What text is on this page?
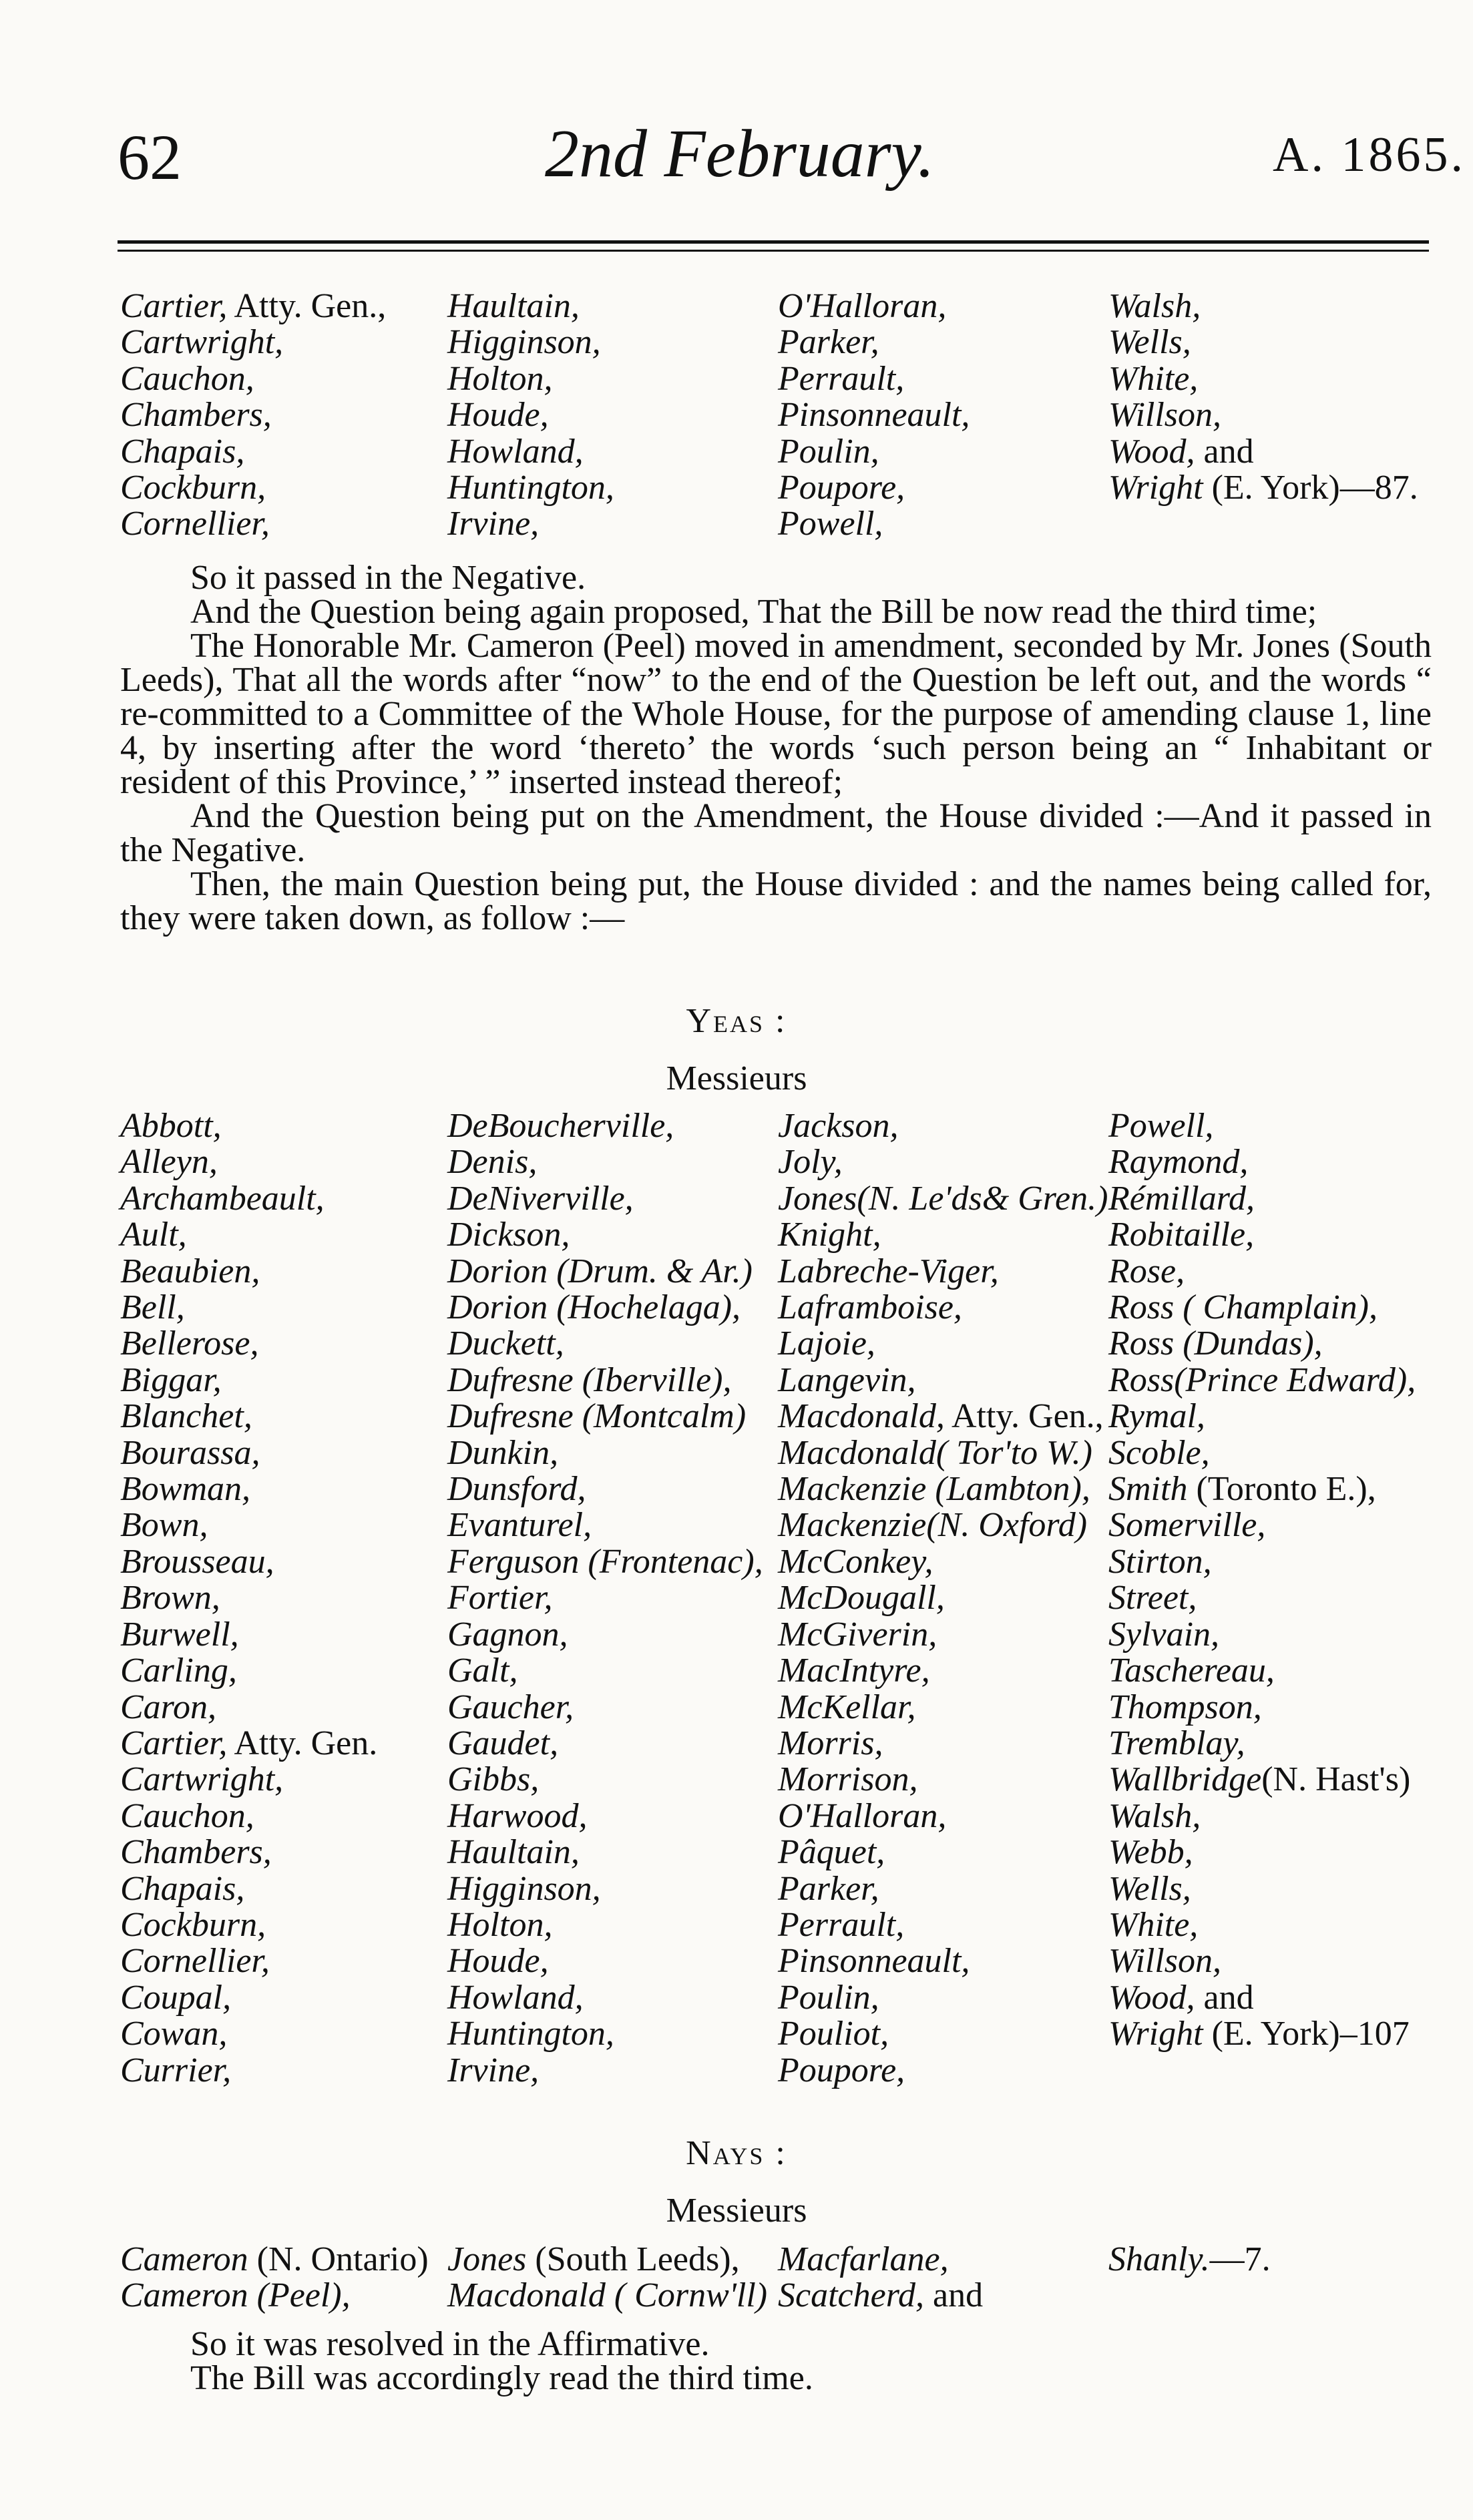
62	2nd February.	A. 1865.
Cartier, Atty. Gen.,
Cartwright,
Cauchon,
Chambers,
Chapais,
Cockburn,
Cornellier,
Haultain,
Higginson,
Holton,
Houde,
Howland,
Huntington,
Irvine,
O'Halloran,
Parker,
Perrault,
Pinsonneault,
Poulin,
Poupore,
Powell,
Walsh,
Wells,
White,
Willson,
Wood, and
Wright (E. York)—87.
So it passed in the Negative.
And the Question being again proposed, That the Bill be now read the third time;
The Honorable Mr. Cameron (Peel) moved in amendment, seconded by Mr. Jones (South Leeds), That all the words after “now” to the end of the Question be left out, and the words “ re-committed to a Committee of the Whole House, for the purpose of amending clause 1, line 4, by inserting after the word ‘thereto’ the words ‘such person being an “ Inhabitant or resident of this Province,’ ” inserted instead thereof;
And the Question being put on the Amendment, the House divided :—And it passed in the Negative.
Then, the main Question being put, the House divided : and the names being called for, they were taken down, as follow :—
Yeas :
Messieurs
Abbott,
Alleyn,
Archambeault,
Ault,
Beaubien,
Bell,
Bellerose,
Biggar,
Blanchet,
Bourassa,
Bowman,
Bown,
Brousseau,
Brown,
Burwell,
Carling,
Caron,
Cartier, Atty. Gen.
Cartwright,
Cauchon,
Chambers,
Chapais,
Cockburn,
Cornellier,
Coupal,
Cowan,
Currier,
DeBoucherville,
Denis,
DeNiverville,
Dickson,
Dorion (Drum. & Ar.)
Dorion (Hochelaga),
Duckett,
Dufresne (Iberville),
Dufresne (Montcalm)
Dunkin,
Dunsford,
Evanturel,
Ferguson (Frontenac),
Fortier,
Gagnon,
Galt,
Gaucher,
Gaudet,
Gibbs,
Harwood,
Haultain,
Higginson,
Holton,
Houde,
Howland,
Huntington,
Irvine,
Jackson,
Joly,
Jones(N. Le'ds& Gren.)
Knight,
Labreche-Viger,
Laframboise,
Lajoie,
Langevin,
Macdonald, Atty. Gen.,
Macdonald( Tor'to W.)
Mackenzie (Lambton),
Mackenzie(N. Oxford)
McConkey,
McDougall,
McGiverin,
MacIntyre,
McKellar,
Morris,
Morrison,
O'Halloran,
Pâquet,
Parker,
Perrault,
Pinsonneault,
Poulin,
Pouliot,
Poupore,
Powell,
Raymond,
Rémillard,
Robitaille,
Rose,
Ross ( Champlain),
Ross (Dundas),
Ross(Prince Edward),
Rymal,
Scoble,
Smith (Toronto E.),
Somerville,
Stirton,
Street,
Sylvain,
Taschereau,
Thompson,
Tremblay,
Wallbridge(N. Hast's)
Walsh,
Webb,
Wells,
White,
Willson,
Wood, and
Wright (E. York)–107
Nays :
Messieurs
Cameron (N. Ontario)
Cameron (Peel),
Jones (South Leeds),
Macdonald ( Cornw'll)
Macfarlane,
Scatcherd, and
Shanly.—7.
So it was resolved in the Affirmative.
The Bill was accordingly read the third time.
